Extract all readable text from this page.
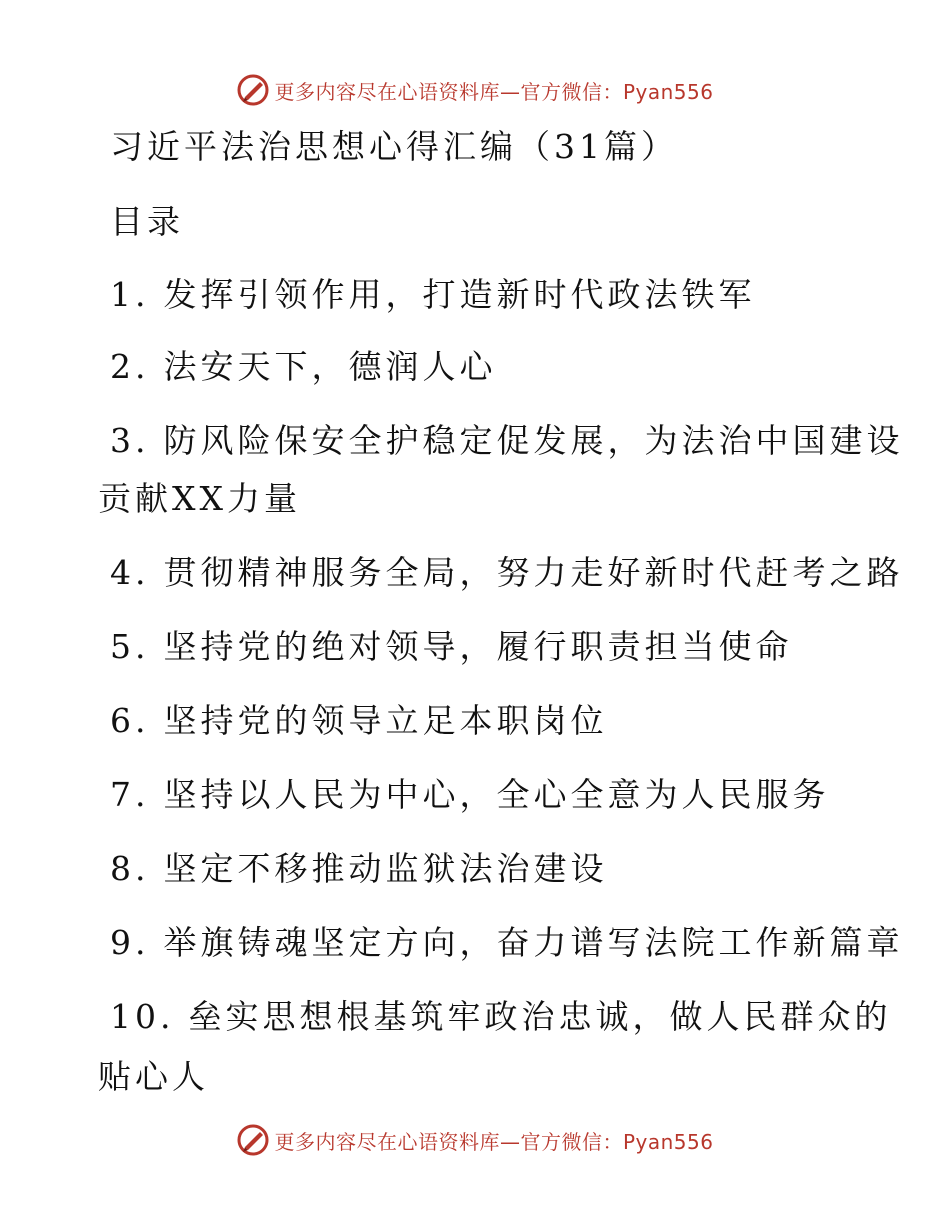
更多内容尽在心语资料库—官方微信：Pyan556
习近平法治思想心得汇编（31篇）
目录
1. 发挥引领作用，打造新时代政法铁军
2. 法安天下，德润人心
3. 防风险保安全护稳定促发展，为法治中国建设
贡献XX力量
4. 贯彻精神服务全局，努力走好新时代赶考之路
5. 坚持党的绝对领导，履行职责担当使命
6. 坚持党的领导立足本职岗位
7. 坚持以人民为中心，全心全意为人民服务
8. 坚定不移推动监狱法治建设
9. 举旗铸魂坚定方向，奋力谱写法院工作新篇章
10. 垒实思想根基筑牢政治忠诚，做人民群众的
贴心人
更多内容尽在心语资料库—官方微信：Pyan556
